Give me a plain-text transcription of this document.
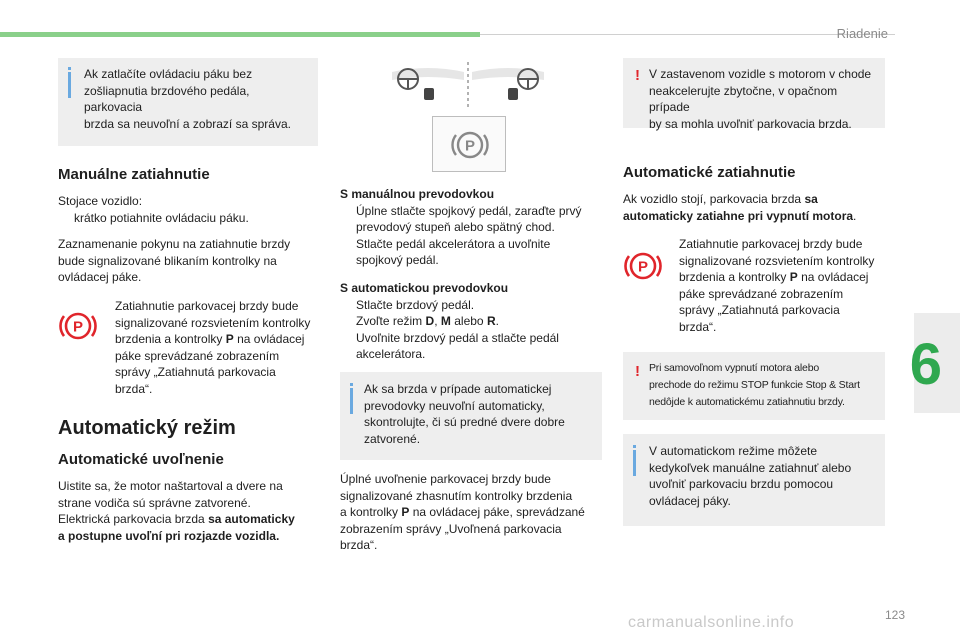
Riadenie
6
123
carmanualsonline.info
Ak zatlačíte ovládaciu páku bez
zošliapnutia brzdového pedála, parkovacia
brzda sa neuvoľní a zobrazí sa správa.
Manuálne zatiahnutie
Stojace vozidlo:
krátko potiahnite ovládaciu páku.
Zaznamenanie pokynu na zatiahnutie brzdy
bude signalizované blikaním kontrolky na
ovládacej páke.
P
Zatiahnutie parkovacej brzdy bude
signalizované rozsvietením kontrolky
brzdenia a kontrolky P na ovládacej
páke sprevádzané zobrazením
správy „Zatiahnutá parkovacia
brzda“.
Automatický režim
Automatické uvoľnenie
Uistite sa, že motor naštartoval a dvere na
strane vodiča sú správne zatvorené.
Elektrická parkovacia brzda sa automaticky
a postupne uvoľní pri rozjazde vozidla.
P
S manuálnou prevodovkou
Úplne stlačte spojkový pedál, zaraďte prvý
prevodový stupeň alebo spätný chod.
Stlačte pedál akcelerátora a uvoľnite
spojkový pedál.
S automatickou prevodovkou
Stlačte brzdový pedál.
Zvoľte režim D, M alebo R.
Uvoľnite brzdový pedál a stlačte pedál
akcelerátora.
Ak sa brzda v prípade automatickej
prevodovky neuvoľní automaticky,
skontrolujte, či sú predné dvere dobre
zatvorené.
Úplné uvoľnenie parkovacej brzdy bude
signalizované zhasnutím kontrolky brzdenia
a kontrolky P na ovládacej páke, sprevádzané
zobrazením správy „Uvoľnená parkovacia
brzda“.
! V zastavenom vozidle s motorom v chode
neakcelerujte zbytočne, v opačnom prípade
by sa mohla uvoľniť parkovacia brzda.
Automatické zatiahnutie
Ak vozidlo stojí, parkovacia brzda sa
automaticky zatiahne pri vypnutí motora.
P
Zatiahnutie parkovacej brzdy bude
signalizované rozsvietením kontrolky
brzdenia a kontrolky P na ovládacej
páke sprevádzané zobrazením
správy „Zatiahnutá parkovacia
brzda“.
! Pri samovoľnom vypnutí motora alebo
prechode do režimu STOP funkcie Stop & Start
nedôjde k automatickému zatiahnutiu brzdy.
V automatickom režime môžete
kedykoľvek manuálne zatiahnuť alebo
uvoľniť parkovaciu brzdu pomocou
ovládacej páky.
